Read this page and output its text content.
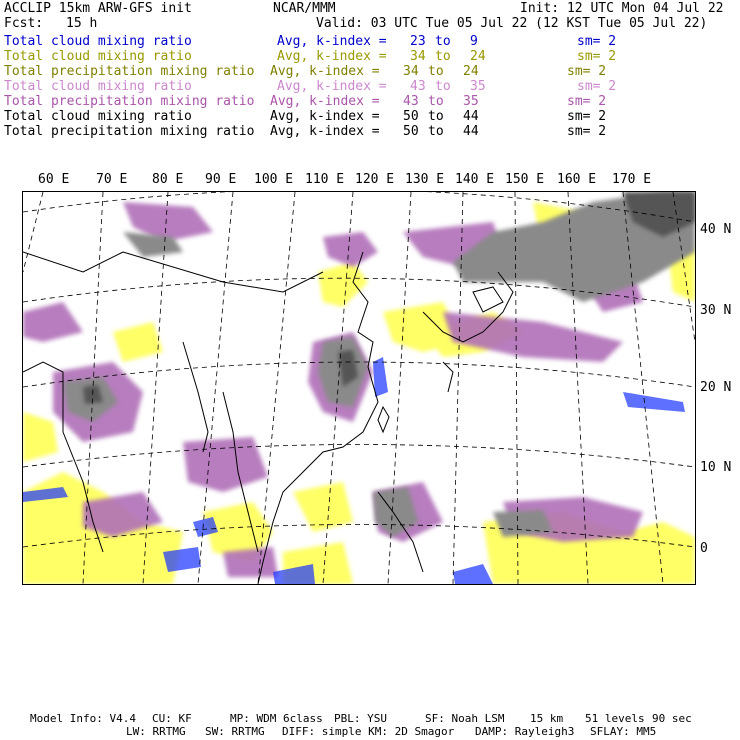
ACCLIP 15km ARW-GFS init	NCAR/MMM	Init: 12 UTC Mon 04 Jul 22
Fcst: 15 h	Valid: 03 UTC Tue 05 Jul 22 (12 KST Tue 05 Jul 22)
Total cloud mixing ratio	Avg, k-index = 23 to 9	sm= 2
Total cloud mixing ratio	Avg, k-index = 34 to 24	sm= 2
Total precipitation mixing ratio Avg, k-index = 34 to 24	sm= 2
Total cloud mixing ratio	Avg, k-index = 43 to 35	sm= 2
Total precipitation mixing ratio Avg, k-index = 43 to 35	sm= 2
Total cloud mixing ratio	Avg, k-index = 50 to 44	sm= 2
Total precipitation mixing ratio Avg, k-index = 50 to 44	sm= 2
60 E 70 E 80 E 90 E 100 E 110 E 120 E 130 E 140 E 150 E 160 E 170 E
40 N
30 N
20 N
10 N
0
Model Info: V4.4 CU: KF	MP: WDM 6class PBL: YSU	SF: Noah LSM 15 km 51 levels 90 sec
LW: RRTMG SW: RRTMG DIFF: simple KM: 2D Smagor DAMP: Rayleigh3 SFLAY: MM5
